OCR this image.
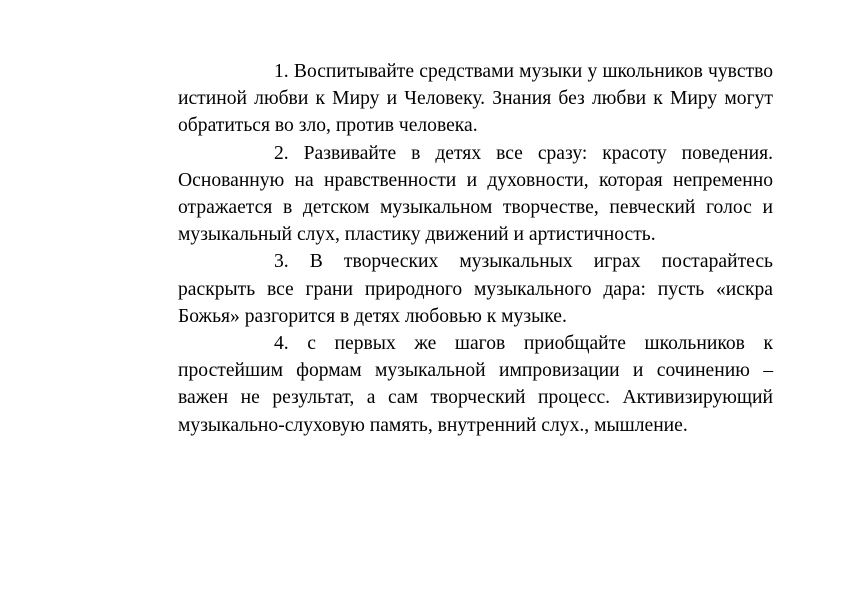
1. Воспитывайте средствами музыки у школьников чувство истиной любви к Миру и Человеку. Знания без любви к Миру могут обратиться во зло, против человека.

2. Развивайте в детях все сразу: красоту поведения. Основанную на нравственности и духовности, которая непременно отражается в детском музыкальном творчестве, певческий голос и музыкальный слух, пластику движений и артистичность.

3. В творческих музыкальных играх постарайтесь раскрыть все грани природного музыкального дара: пусть «искра Божья» разгорится в детях любовью к музыке.

4. с первых же шагов приобщайте школьников к простейшим формам музыкальной импровизации и сочинению – важен не результат, а сам творческий процесс. Активизирующий музыкально-слуховую память, внутренний слух., мышление.
